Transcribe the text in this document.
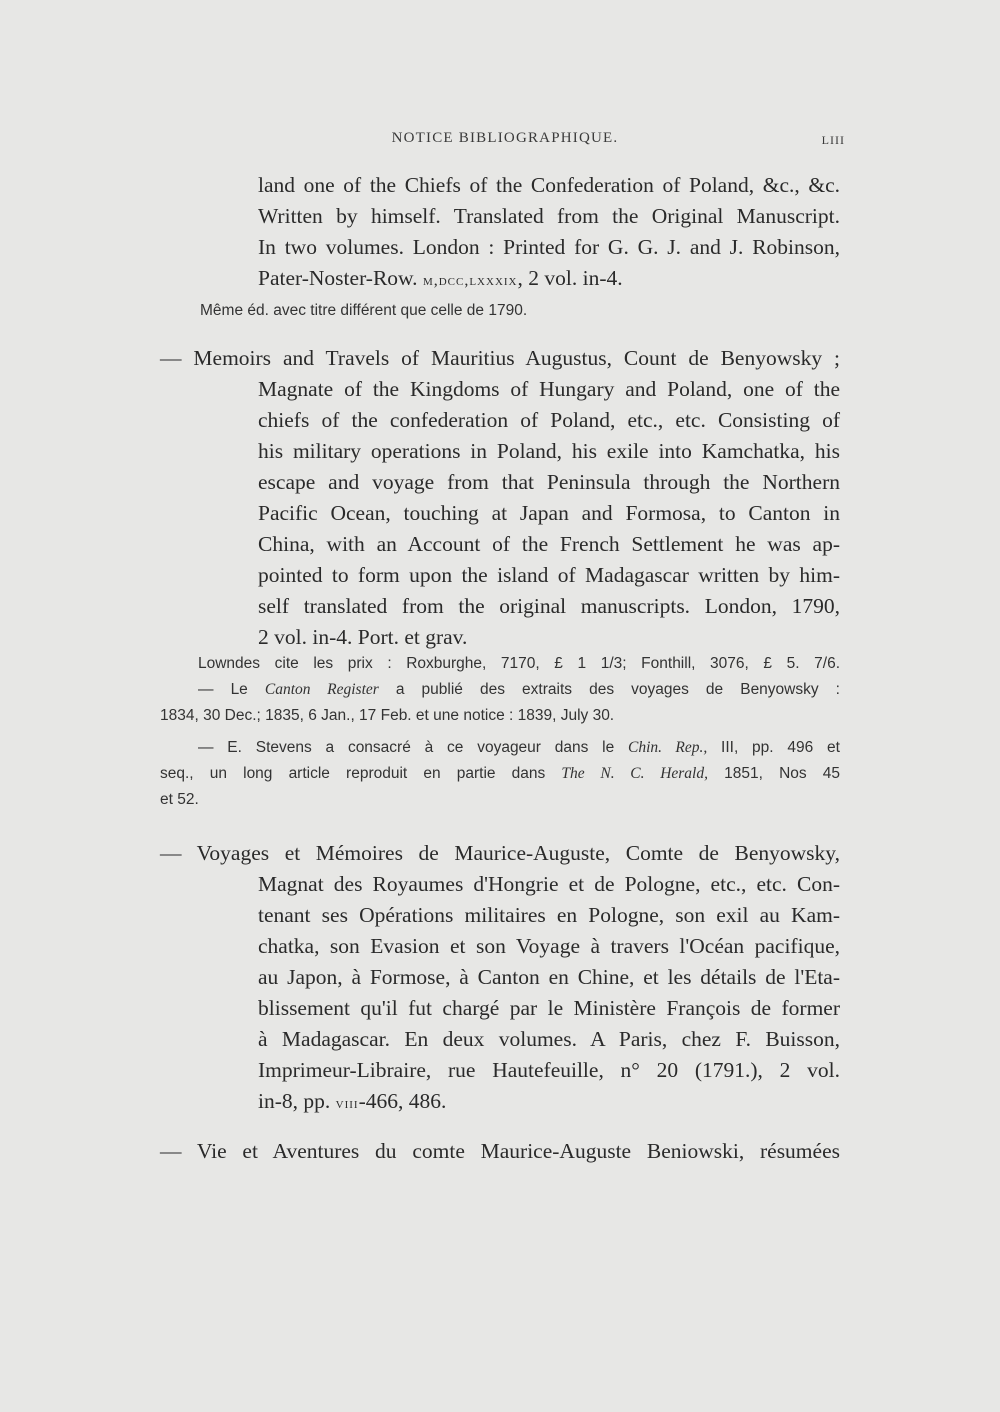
NOTICE BIBLIOGRAPHIQUE.	LIII
land one of the Chiefs of the Confederation of Poland, &c., &c.
Written by himself. Translated from the Original Manuscript.
In two volumes. London : Printed for G. G. J. and J. Robinson,
Pater-Noster-Row. m,dcc,lxxxix, 2 vol. in-4.
Même éd. avec titre différent que celle de 1790.
— Memoirs and Travels of Mauritius Augustus, Count de Benyowsky ;
Magnate of the Kingdoms of Hungary and Poland, one of the
chiefs of the confederation of Poland, etc., etc. Consisting of
his military operations in Poland, his exile into Kamchatka, his
escape and voyage from that Peninsula through the Northern
Pacific Ocean, touching at Japan and Formosa, to Canton in
China, with an Account of the French Settlement he was ap-
pointed to form upon the island of Madagascar written by him-
self translated from the original manuscripts. London, 1790,
2 vol. in-4. Port. et grav.
Lowndes cite les prix : Roxburghe, 7170, £ 1 1/3; Fonthill, 3076, £ 5. 7/6.
— Le Canton Register a publié des extraits des voyages de Benyowsky :
1834, 30 Dec.; 1835, 6 Jan., 17 Feb. et une notice : 1839, July 30.
— E. Stevens a consacré à ce voyageur dans le Chin. Rep., III, pp. 496 et
seq., un long article reproduit en partie dans The N. C. Herald, 1851, Nos 45
et 52.
— Voyages et Mémoires de Maurice-Auguste, Comte de Benyowsky,
Magnat des Royaumes d'Hongrie et de Pologne, etc., etc. Con-
tenant ses Opérations militaires en Pologne, son exil au Kam-
chatka, son Evasion et son Voyage à travers l'Océan pacifique,
au Japon, à Formose, à Canton en Chine, et les détails de l'Eta-
blissement qu'il fut chargé par le Ministère François de former
à Madagascar. En deux volumes. A Paris, chez F. Buisson,
Imprimeur-Libraire, rue Hautefeuille, n° 20 (1791.), 2 vol.
in-8, pp. viii-466, 486.
— Vie et Aventures du comte Maurice-Auguste Beniowski, résumées
